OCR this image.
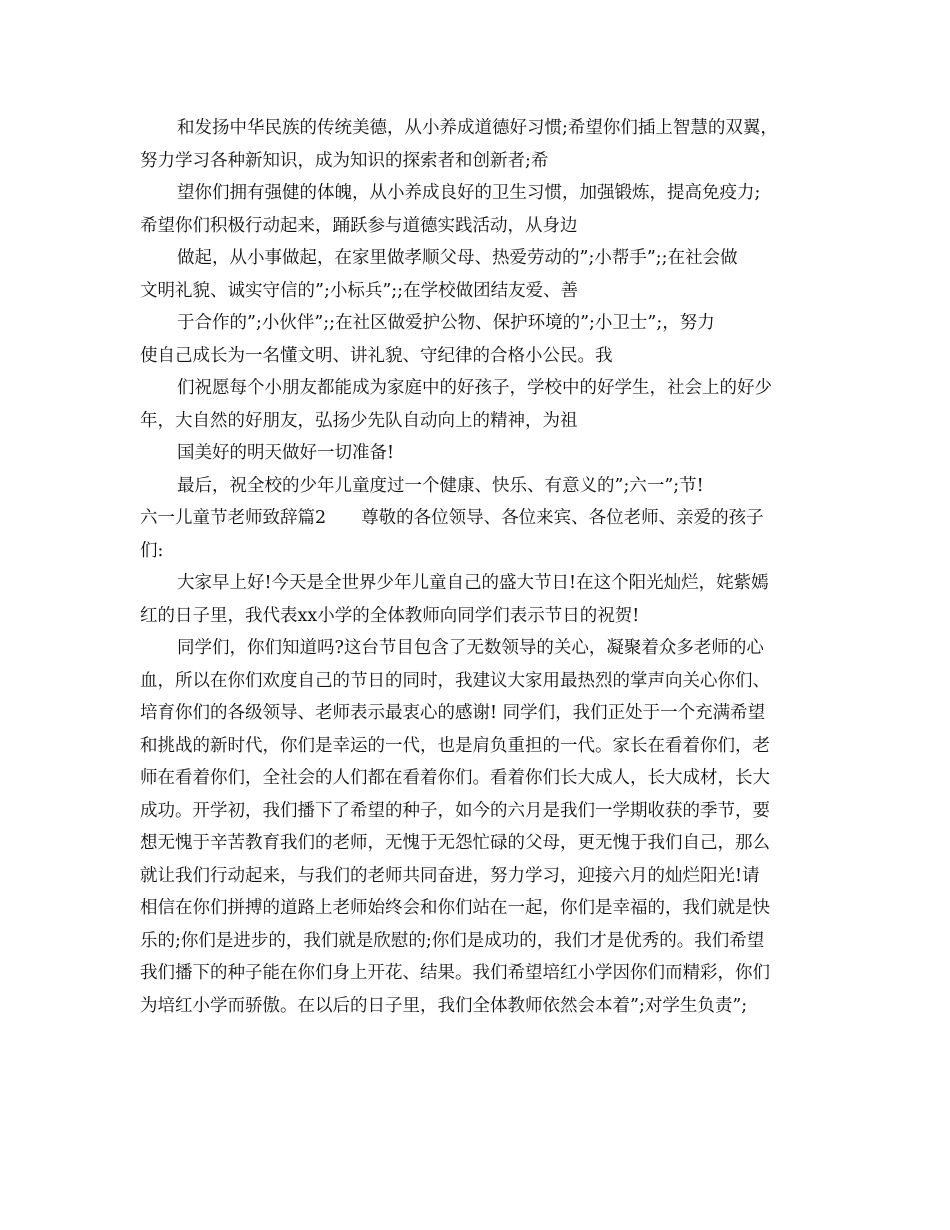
和发扬中华民族的传统美德，从小养成道德好习惯;希望你们插上智慧的双翼，
努力学习各种新知识，成为知识的探索者和创新者;希
望你们拥有强健的体魄，从小养成良好的卫生习惯，加强锻炼，提高免疫力;
希望你们积极行动起来，踊跃参与道德实践活动，从身边
做起，从小事做起，在家里做孝顺父母、热爱劳动的”;小帮手”;;在社会做
文明礼貌、诚实守信的”;小标兵”;;在学校做团结友爱、善
于合作的”;小伙伴”;;在社区做爱护公物、保护环境的”;小卫士”;，努力
使自己成长为一名懂文明、讲礼貌、守纪律的合格小公民。我
们祝愿每个小朋友都能成为家庭中的好孩子，学校中的好学生，社会上的好少
年，大自然的好朋友，弘扬少先队自动向上的精神，为祖
国美好的明天做好一切准备!
最后，祝全校的少年儿童度过一个健康、快乐、有意义的”;六一”;节!
六一儿童节老师致辞篇2　　尊敬的各位领导、各位来宾、各位老师、亲爱的孩子
们:
大家早上好!今天是全世界少年儿童自己的盛大节日!在这个阳光灿烂，姹紫嫣
红的日子里，我代表xx小学的全体教师向同学们表示节日的祝贺!
同学们，你们知道吗?这台节目包含了无数领导的关心，凝聚着众多老师的心
血，所以在你们欢度自己的节日的同时，我建议大家用最热烈的掌声向关心你们、
培育你们的各级领导、老师表示最衷心的感谢! 同学们，我们正处于一个充满希望
和挑战的新时代，你们是幸运的一代，也是肩负重担的一代。家长在看着你们，老
师在看着你们，全社会的人们都在看着你们。看着你们长大成人，长大成材，长大
成功。开学初，我们播下了希望的种子，如今的六月是我们一学期收获的季节，要
想无愧于辛苦教育我们的老师，无愧于无怨忙碌的父母，更无愧于我们自己，那么
就让我们行动起来，与我们的老师共同奋进，努力学习，迎接六月的灿烂阳光!请
相信在你们拼搏的道路上老师始终会和你们站在一起，你们是幸福的，我们就是快
乐的;你们是进步的，我们就是欣慰的;你们是成功的，我们才是优秀的。我们希望
我们播下的种子能在你们身上开花、结果。我们希望培红小学因你们而精彩，你们
为培红小学而骄傲。在以后的日子里，我们全体教师依然会本着”;对学生负责”;
